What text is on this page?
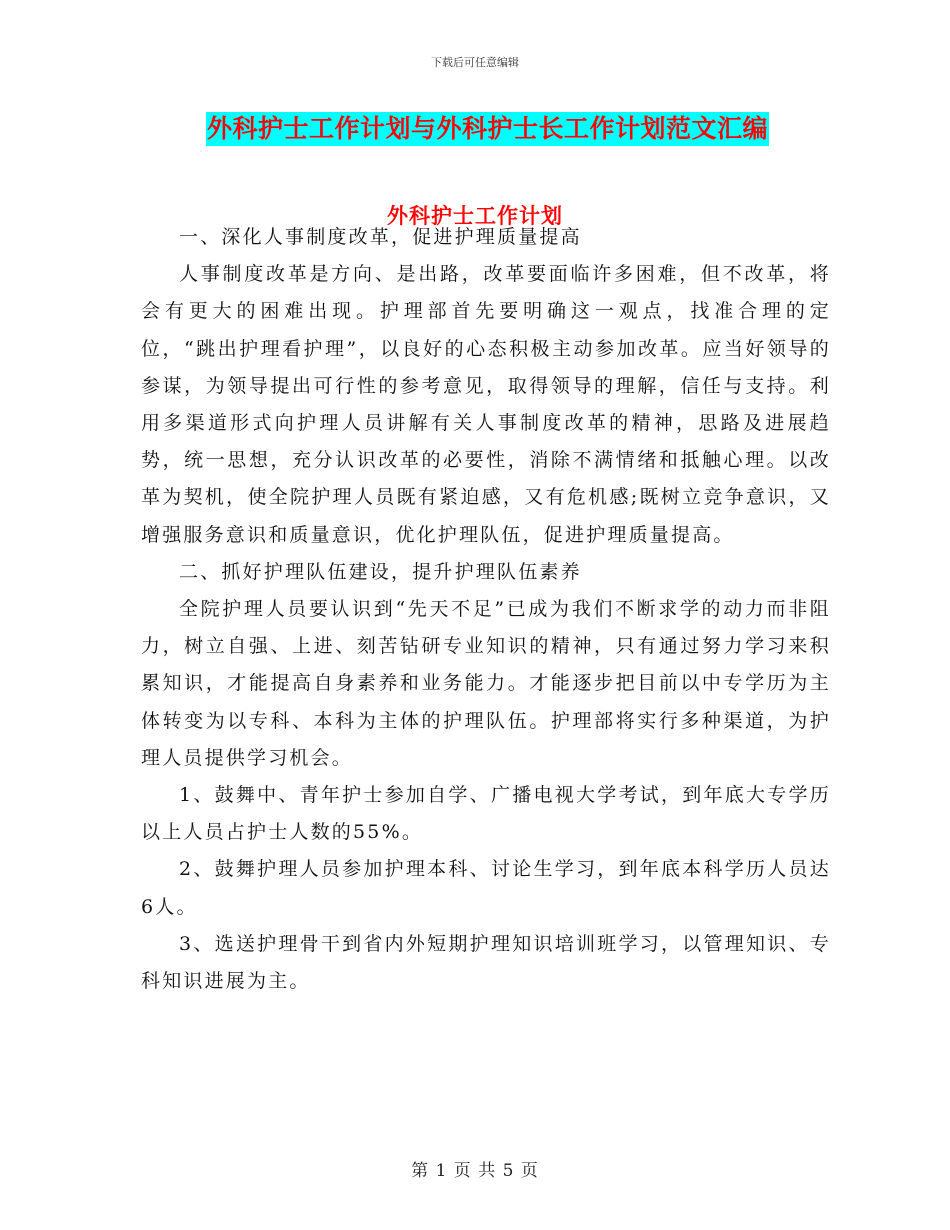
下载后可任意编辑
外科护士工作计划与外科护士长工作计划范文汇编
外科护士工作计划

一、深化人事制度改革，促进护理质量提高

人事制度改革是方向、是出路，改革要面临许多困难，但不改革，将会有更大的困难出现。护理部首先要明确这一观点，找准合理的定位，“跳出护理看护理”，以良好的心态积极主动参加改革。应当好领导的参谋，为领导提出可行性的参考意见，取得领导的理解，信任与支持。利用多渠道形式向护理人员讲解有关人事制度改革的精神，思路及进展趋势，统一思想，充分认识改革的必要性，消除不满情绪和抵触心理。以改革为契机，使全院护理人员既有紧迫感，又有危机感;既树立竞争意识，又增强服务意识和质量意识，优化护理队伍，促进护理质量提高。

二、抓好护理队伍建设，提升护理队伍素养

全院护理人员要认识到“先天不足”已成为我们不断求学的动力而非阻力，树立自强、上进、刻苦钻研专业知识的精神，只有通过努力学习来积累知识，才能提高自身素养和业务能力。才能逐步把目前以中专学历为主体转变为以专科、本科为主体的护理队伍。护理部将实行多种渠道，为护理人员提供学习机会。

1、鼓舞中、青年护士参加自学、广播电视大学考试，到年底大专学历以上人员占护士人数的55%。

2、鼓舞护理人员参加护理本科、讨论生学习，到年底本科学历人员达6人。

3、选送护理骨干到省内外短期护理知识培训班学习，以管理知识、专科知识进展为主。

第 1 页 共 5 页
